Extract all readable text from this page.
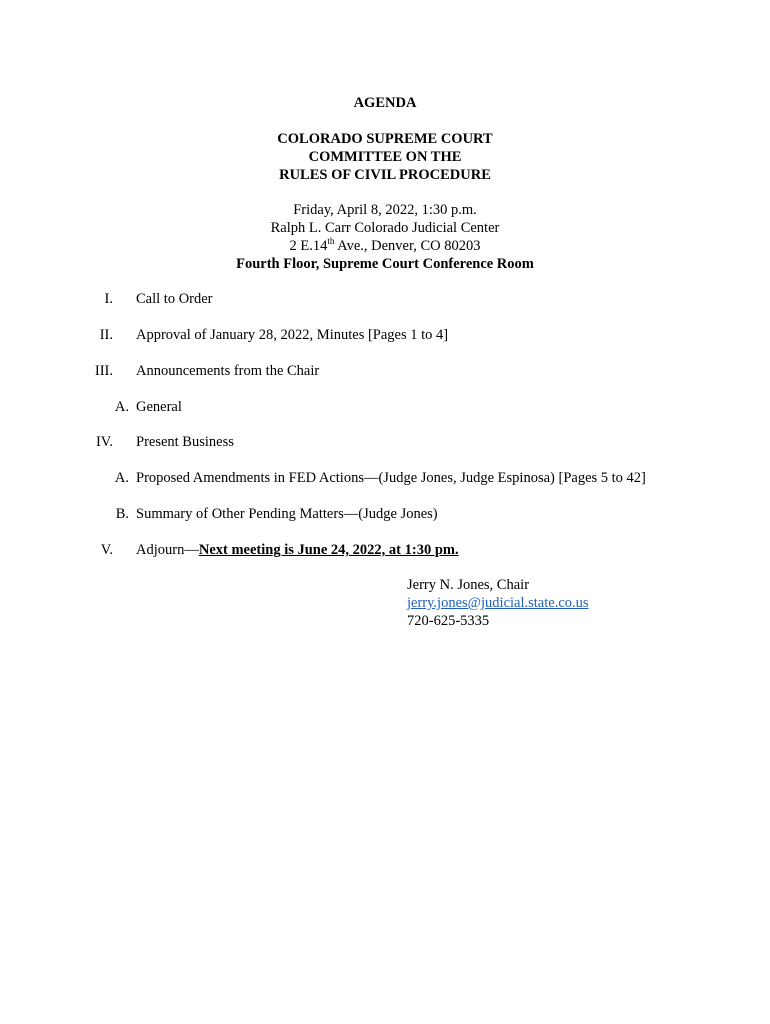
AGENDA
COLORADO SUPREME COURT
COMMITTEE ON THE
RULES OF CIVIL PROCEDURE
Friday, April 8, 2022, 1:30 p.m.
Ralph L. Carr Colorado Judicial Center
2 E.14th Ave., Denver, CO 80203
Fourth Floor, Supreme Court Conference Room
I. Call to Order
II. Approval of January 28, 2022, Minutes [Pages 1 to 4]
III. Announcements from the Chair
A. General
IV. Present Business
A. Proposed Amendments in FED Actions—(Judge Jones, Judge Espinosa) [Pages 5 to 42]
B. Summary of Other Pending Matters—(Judge Jones)
V. Adjourn—Next meeting is June 24, 2022, at 1:30 pm.
Jerry N. Jones, Chair
jerry.jones@judicial.state.co.us
720-625-5335
